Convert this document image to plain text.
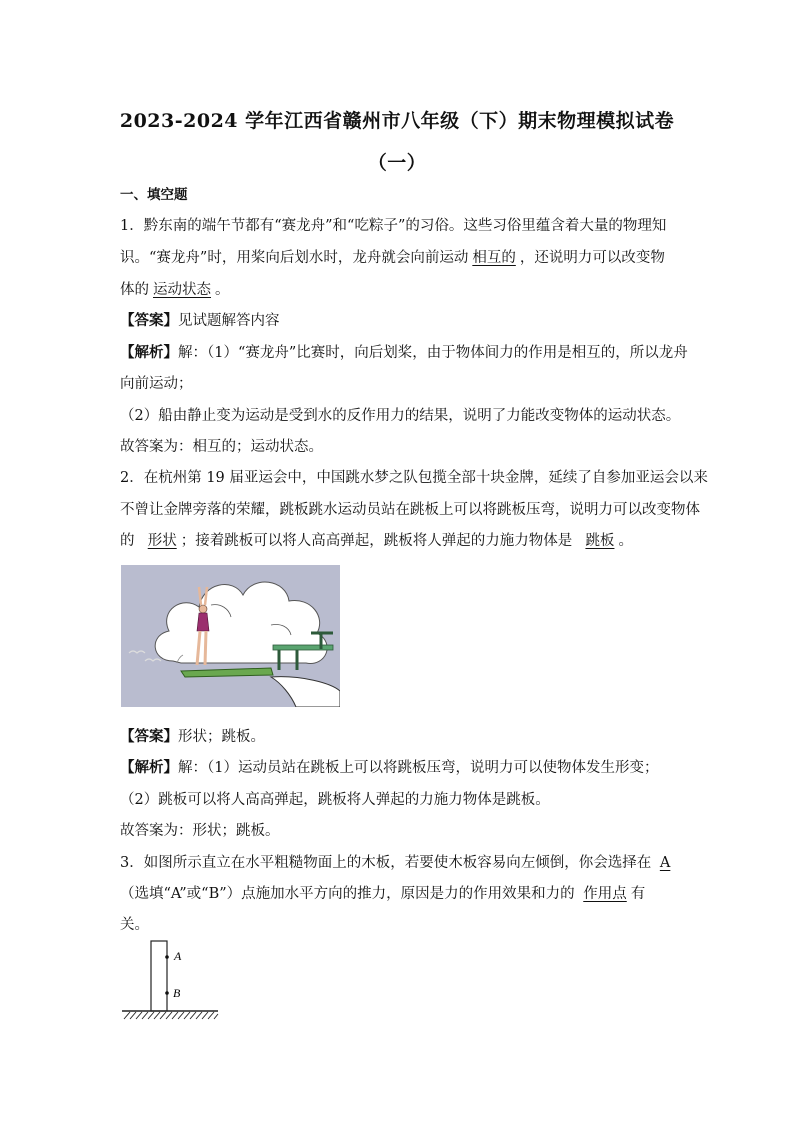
2023-2024 学年江西省赣州市八年级（下）期末物理模拟试卷
（一）
一、填空题
1．黔东南的端午节都有“赛龙舟”和“吃粽子”的习俗。这些习俗里蕴含着大量的物理知
识。“赛龙舟”时，用桨向后划水时，龙舟就会向前运动 相互的 ，还说明力可以改变物
体的 运动状态 。
【答案】见试题解答内容
【解析】解：（1）“赛龙舟”比赛时，向后划桨，由于物体间力的作用是相互的，所以龙舟
向前运动；
（2）船由静止变为运动是受到水的反作用力的结果，说明了力能改变物体的运动状态。
故答案为：相互的；运动状态。
2．在杭州第 19 届亚运会中，中国跳水梦之队包揽全部十块金牌，延续了自参加亚运会以来
不曾让金牌旁落的荣耀，跳板跳水运动员站在跳板上可以将跳板压弯，说明力可以改变物体
的 形状 ；接着跳板可以将人高高弹起，跳板将人弹起的力施力物体是 跳板 。
【答案】形状；跳板。
【解析】解：（1）运动员站在跳板上可以将跳板压弯，说明力可以使物体发生形变；
（2）跳板可以将人高高弹起，跳板将人弹起的力施力物体是跳板。
故答案为：形状；跳板。
3．如图所示直立在水平粗糙物面上的木板，若要使木板容易向左倾倒，你会选择在 A
（选填“A”或“B”）点施加水平方向的推力，原因是力的作用效果和力的 作用点 有
关。
A
B
